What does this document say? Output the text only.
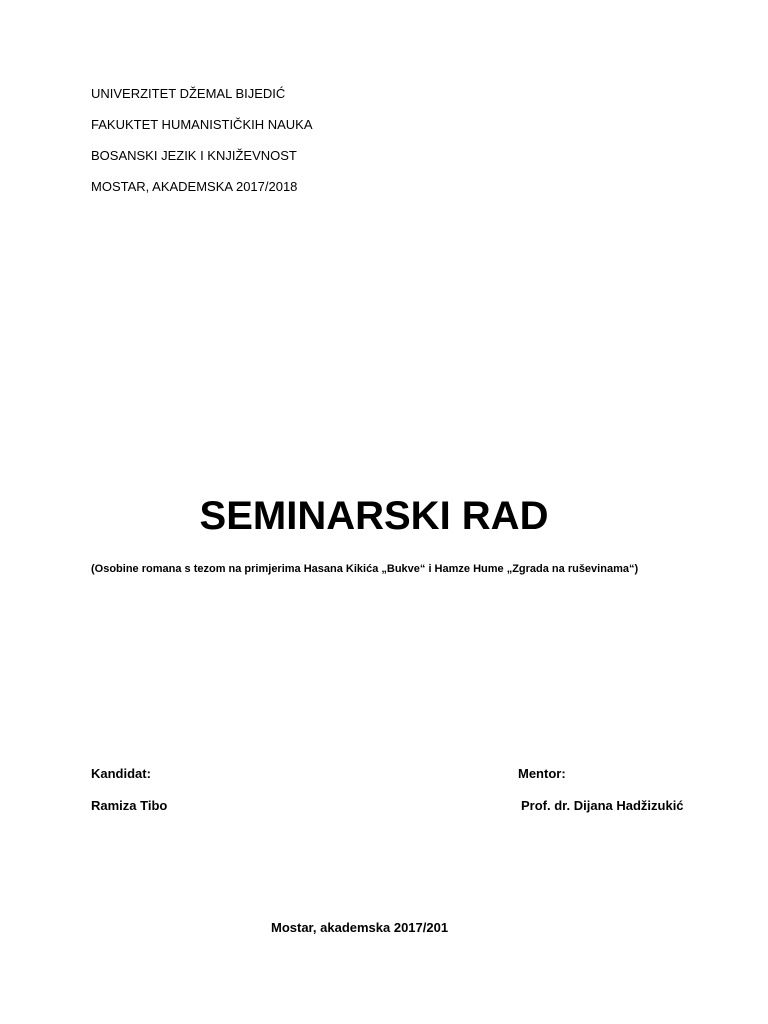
UNIVERZITET DŽEMAL BIJEDIĆ
FAKUKTET HUMANISTIČKIH NAUKA
BOSANSKI JEZIK I KNJIŽEVNOST
MOSTAR, AKADEMSKA 2017/2018
SEMINARSKI RAD
(Osobine romana s tezom na primjerima Hasana Kikića „Bukve“ i Hamze Hume „Zgrada na ruševinama“)
Kandidat:
Ramiza Tibo
Mentor:
Prof. dr. Dijana Hadžizukić
Mostar, akademska 2017/201
